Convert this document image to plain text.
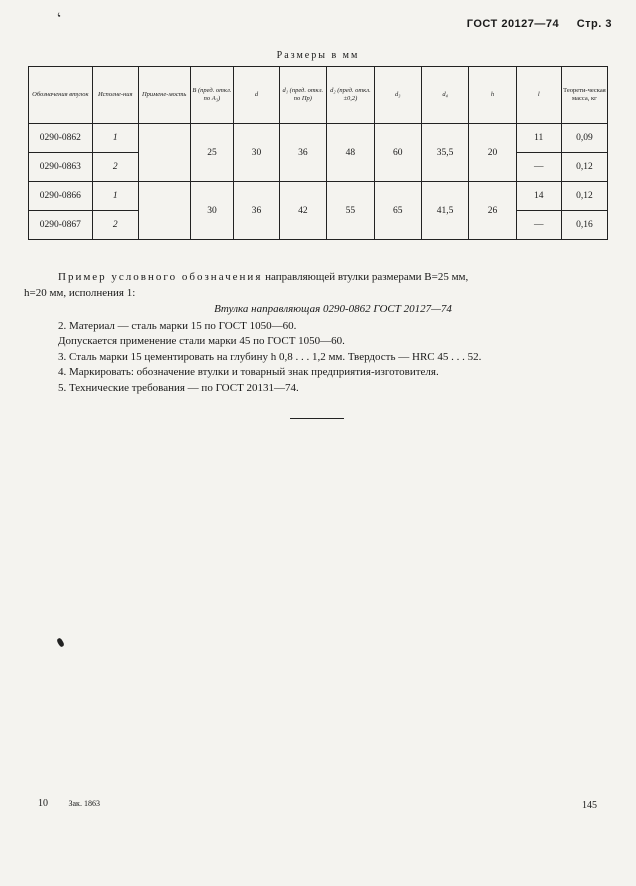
ʻ	ГОСТ 20127—74 Стр. 3
Размеры в мм
Обозначения втулок	Исполне-ния	Примене-мость	B (пред. откл. по A₃)	d	d₁ (пред. откл. по Пр)	d₂ (пред. откл. ±0,2)	d₃	d₄	h	l	Теорети-ческая масса, кг
0290-0862	1		25	30	36	48	60	35,5	20	11	0,09
0290-0863	2									—	0,12
0290-0866	1		30	36	42	55	65	41,5	26	14	0,12
0290-0867	2									—	0,16

Пример условного обозначения направляющей втулки размерами B=25 мм,

h=20 мм, исполнения 1:

Втулка направляющая 0290-0862 ГОСТ 20127—74

2. Материал — сталь марки 15 по ГОСТ 1050—60.

Допускается применение стали марки 45 по ГОСТ 1050—60.

3. Сталь марки 15 цементировать на глубину h 0,8 . . . 1,2 мм. Твердость — HRC 45 . . . 52.

4. Маркировать: обозначение втулки и товарный знак предприятия-изготовителя.

5. Технические требования — по ГОСТ 20131—74.

10	Зак. 1863	145
